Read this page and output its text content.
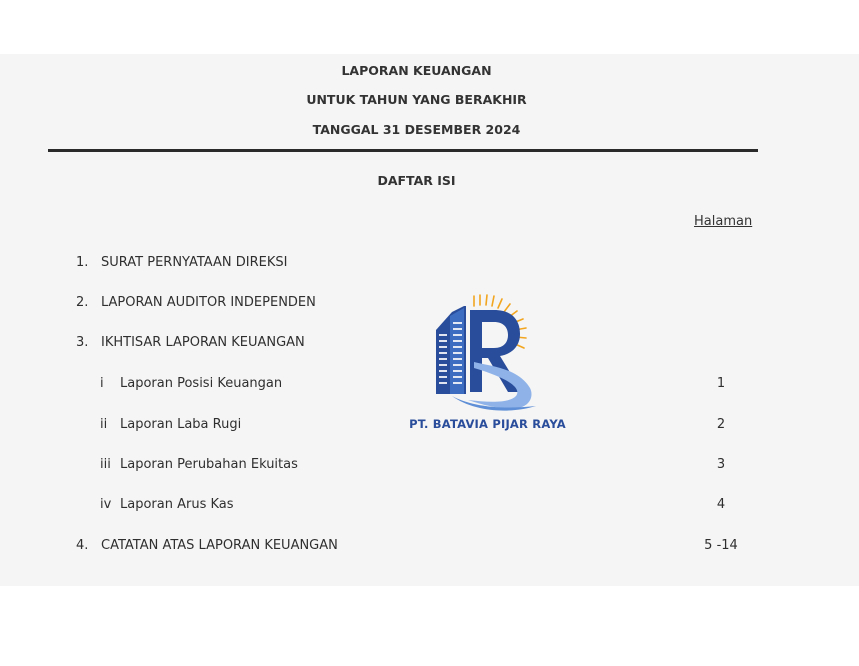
LAPORAN KEUANGAN
UNTUK TAHUN YANG BERAKHIR
TANGGAL 31 DESEMBER 2024
DAFTAR ISI
Halaman
1. SURAT PERNYATAAN DIREKSI
2. LAPORAN AUDITOR INDEPENDEN
3. IKHTISAR LAPORAN KEUANGAN
i Laporan Posisi Keuangan	1
ii Laporan Laba Rugi	2
iii Laporan Perubahan Ekuitas	3
iv Laporan Arus Kas	4
4. CATATAN ATAS LAPORAN KEUANGAN	5 -14
PT. BATAVIA PIJAR RAYA
